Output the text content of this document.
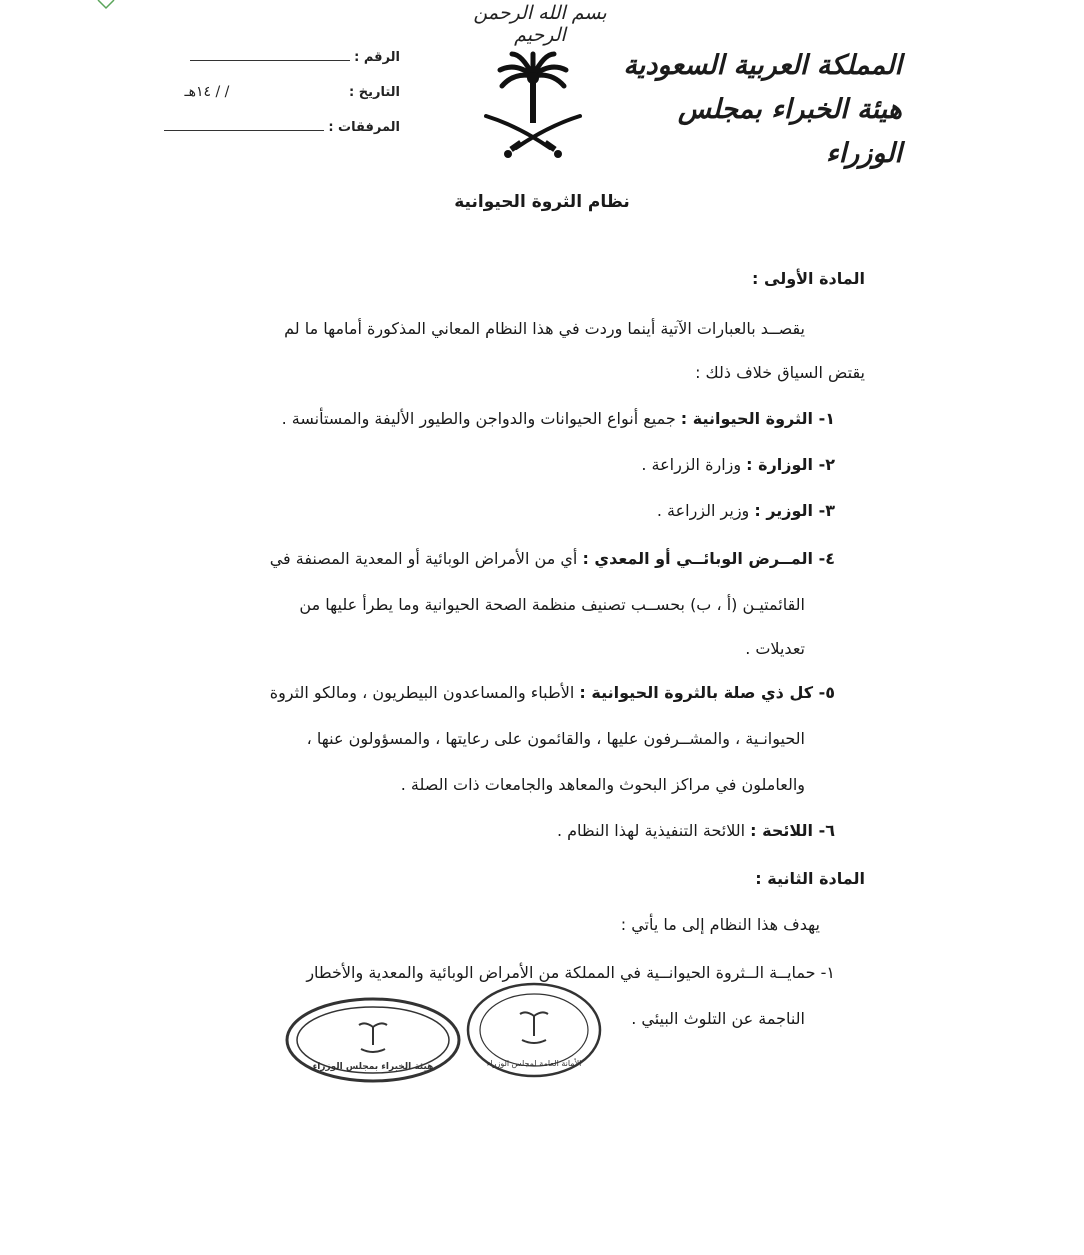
بسم الله الرحمن الرحيم
المملكة العربية السعودية
هيئة الخبراء بمجلس الوزراء
الرقم :
التاريخ : ١٤هـ / /
المرفقات :
نظام الثروة الحيوانية
المادة الأولى :
يقصــد بالعبارات الآتية أينما وردت في هذا النظام المعاني المذكورة أمامها ما لم
يقتض السياق خلاف ذلك :
١- الثروة الحيوانية : جميع أنواع الحيوانات والدواجن والطيور الأليفة والمستأنسة .
٢- الوزارة : وزارة الزراعة .
٣- الوزير : وزير الزراعة .
٤- المــرض الوبائــي أو المعدي : أي من الأمراض الوبائية أو المعدية المصنفة في
القائمتيـن (أ ، ب) بحســب تصنيف منظمة الصحة الحيوانية وما يطرأ عليها من
تعديلات .
٥- كل ذي صلة بالثروة الحيوانية : الأطباء والمساعدون البيطريون ، ومالكو الثروة
الحيوانـية ، والمشــرفون عليها ، والقائمون على رعايتها ، والمسؤولون عنها ،
والعاملون في مراكز البحوث والمعاهد والجامعات ذات الصلة .
٦- اللائحة : اللائحة التنفيذية لهذا النظام .
المادة الثانية :
يهدف هذا النظام إلى ما يأتي :
١- حمايــة الــثروة الحيوانــية في المملكة من الأمراض الوبائية والمعدية والأخطار
الناجمة عن التلوث البيئي .
هيئة الخبراء بمجلس الوزراء	الأمانة العامة لمجلس الوزراء
